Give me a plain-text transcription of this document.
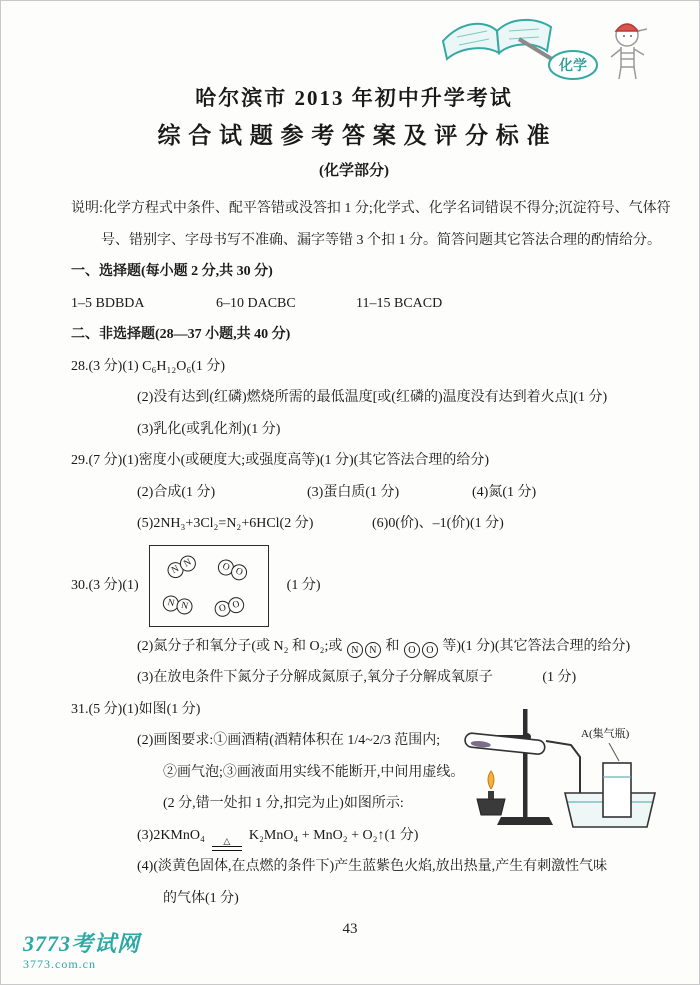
化学
哈尔滨市 2013 年初中升学考试
综 合 试 题 参 考 答 案 及 评 分 标 准
(化学部分)
说明:化学方程式中条件、配平答错或没答扣 1 分;化学式、化学名词错误不得分;沉淀符号、气体符
号、错别字、字母书写不准确、漏字等错 3 个扣 1 分。简答问题其它答法合理的酌情给分。
一、选择题(每小题 2 分,共 30 分)
1–5 BDBDA	6–10 DACBC	11–15 BCACD
二、非选择题(28—37 小题,共 40 分)
28.(3 分)(1) C₆H₁₂O₆(1 分)
(2)没有达到(红磷)燃烧所需的最低温度[或(红磷的)温度没有达到着火点](1 分)
(3)乳化(或乳化剂)(1 分)
29.(7 分)(1)密度小(或硬度大;或强度高等)(1 分)(其它答法合理的给分)
(2)合成(1 分)	(3)蛋白质(1 分)	(4)氮(1 分)
(5)2NH₃+3Cl₂=N₂+6HCl(2 分)	(6)0(价)、–1(价)(1 分)
30.(3 分)(1)
NN	O O
N N	O O
(1 分)
(2)氮分子和氧分子(或 N₂ 和 O₂;或 N N 和 O O 等)(1 分)(其它答法合理的给分)
(3)在放电条件下氮分子分解成氮原子,氧分子分解成氧原子	(1 分)
31.(5 分)(1)如图(1 分)
(2)画图要求:①画酒精(酒精体积在 1/4~2/3 范围内;
②画气泡;③画液面用实线不能断开,中间用虚线。
(2 分,错一处扣 1 分,扣完为止)如图所示:
(3)2KMnO₄ △ K₂MnO₄ + MnO₂ + O₂↑(1 分)
(4)(淡黄色固体,在点燃的条件下)产生蓝紫色火焰,放出热量,产生有刺激性气味
的气体(1 分)
A(集气瓶)
43
3773考试网
3773.com.cn
